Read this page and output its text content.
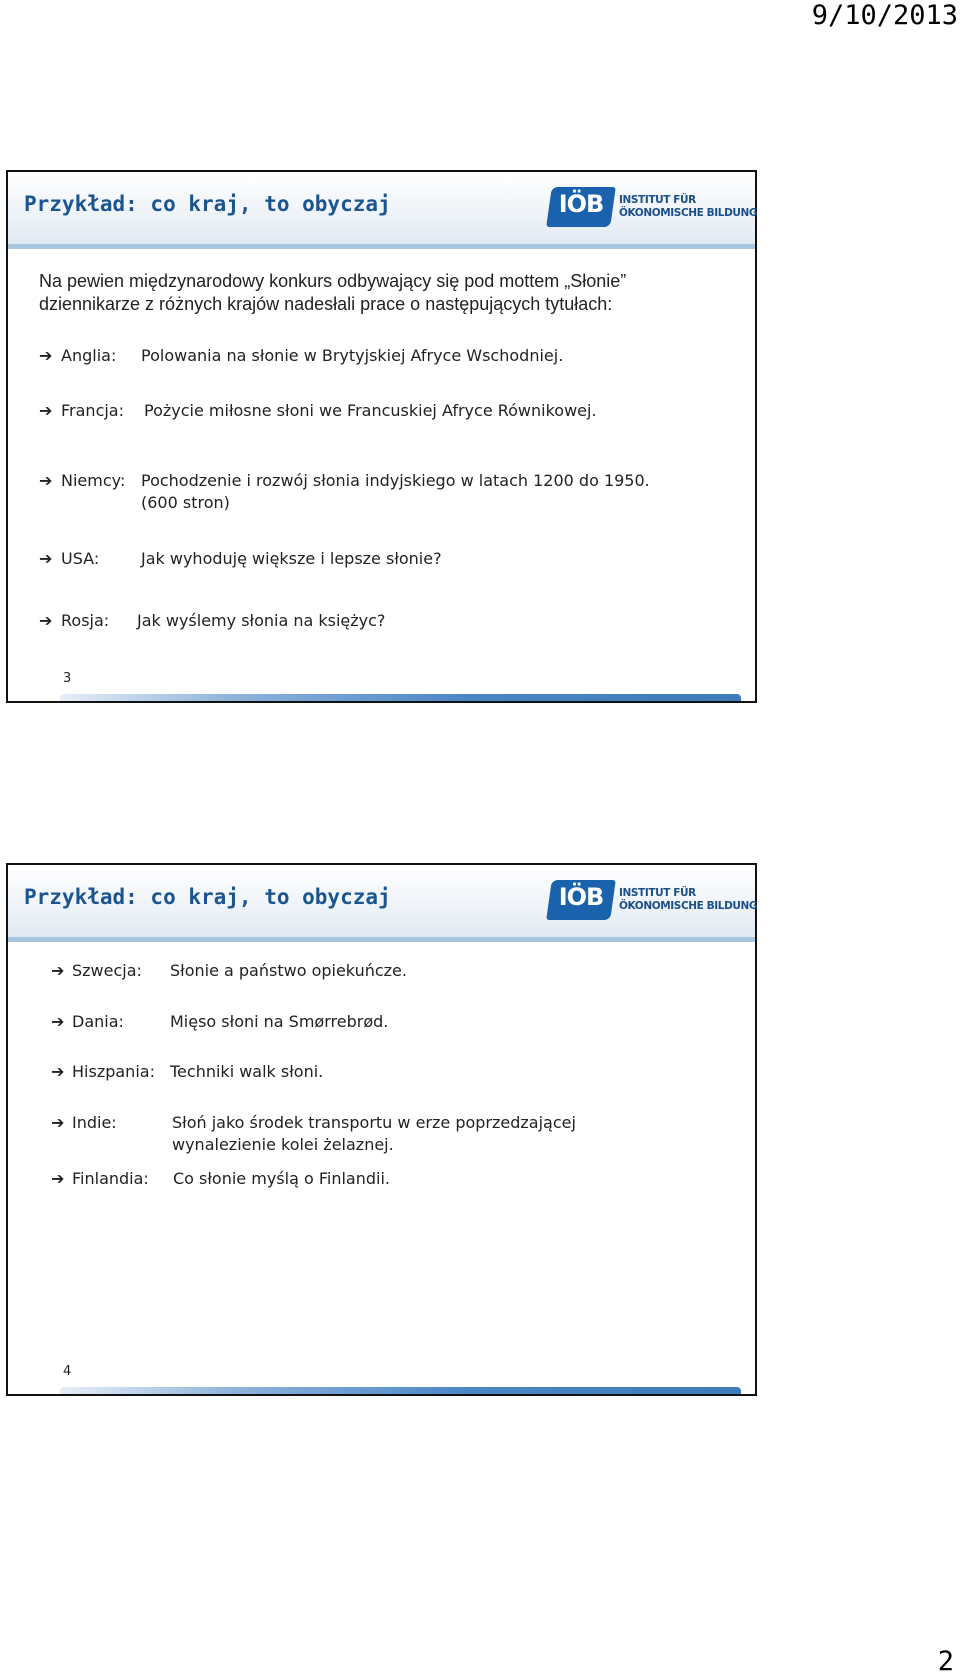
9/10/2013
Przykład: co kraj, to obyczaj	IÖB	INSTITUT FÜR
ÖKONOMISCHE BILDUNG
Na pewien międzynarodowy konkurs odbywający się pod mottem „Słonie”
dziennikarze z różnych krajów nadesłali prace o następujących tytułach:
➔ Anglia: Polowania na słonie w Brytyjskiej Afryce Wschodniej.
➔ Francja: Pożycie miłosne słoni we Francuskiej Afryce Równikowej.
➔ Niemcy: Pochodzenie i rozwój słonia indyjskiego w latach 1200 do 1950.
(600 stron)
➔ USA:	Jak wyhoduję większe i lepsze słonie?
➔ Rosja: Jak wyślemy słonia na księżyc?
3
Przykład: co kraj, to obyczaj	IÖB	INSTITUT FÜR
ÖKONOMISCHE BILDUNG
➔ Szwecja: Słonie a państwo opiekuńcze.
➔ Dania:	Mięso słoni na Smørrebrød.
➔ Hiszpania: Techniki walk słoni.
➔ Indie:	Słoń jako środek transportu w erze poprzedzającej
wynalezienie kolei żelaznej.
➔ Finlandia: Co słonie myślą o Finlandii.
4
2
